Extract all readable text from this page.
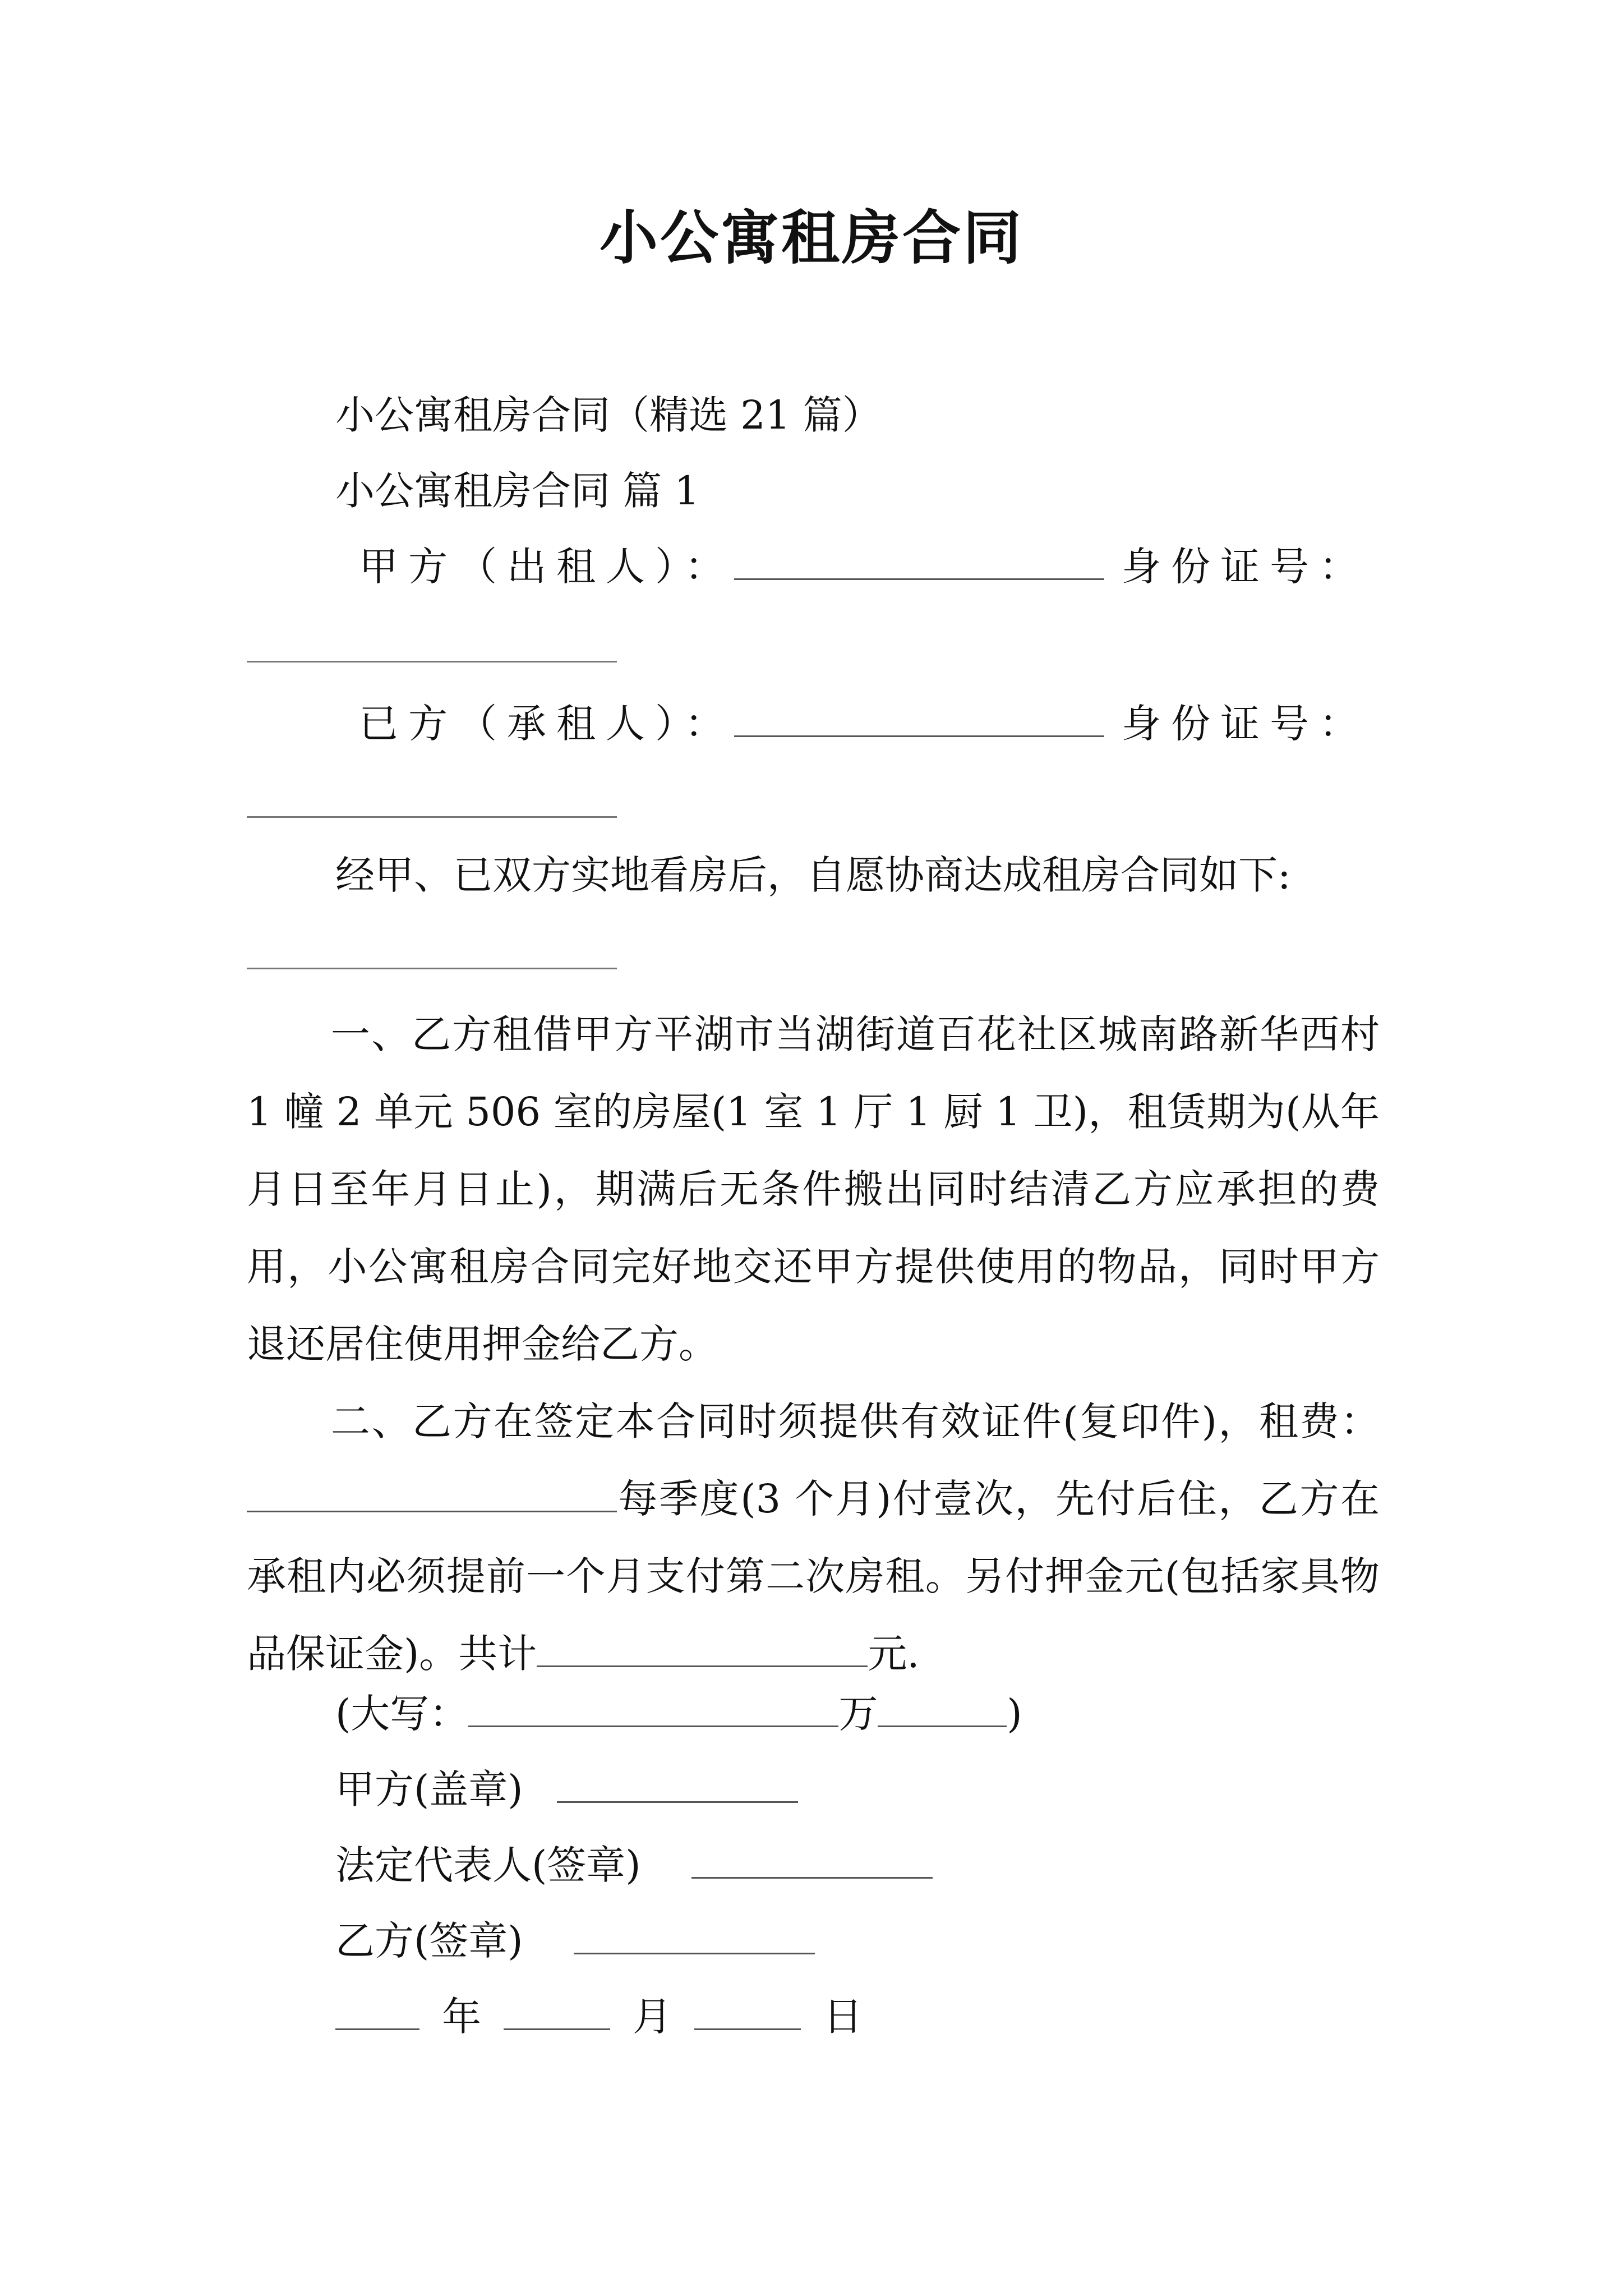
小公寓租房合同
小公寓租房合同（精选 21 篇）
小公寓租房合同 篇 1
甲方（出租人）：	身份证号：
已方（承租人）：	身份证号：
经甲、已双方实地看房后，自愿协商达成租房合同如下:
一、乙方租借甲方平湖市当湖街道百花社区城南路新华西村 1 幢 2 单元 506 室的房屋(1 室 1 厅 1 厨 1 卫)，租赁期为(从年月日至年月日止)，期满后无条件搬出同时结清乙方应承担的费用，小公寓租房合同完好地交还甲方提供使用的物品，同时甲方退还居住使用押金给乙方。
二、乙方在签定本合同时须提供有效证件(复印件)，租费：每季度(3 个月)付壹次，先付后住，乙方在承租内必须提前一个月支付第二次房租。另付押金元(包括家具物品保证金)。共计	元.
(大写：	万	)
甲方(盖章)
法定代表人(签章)
乙方(签章)
年	月	日
